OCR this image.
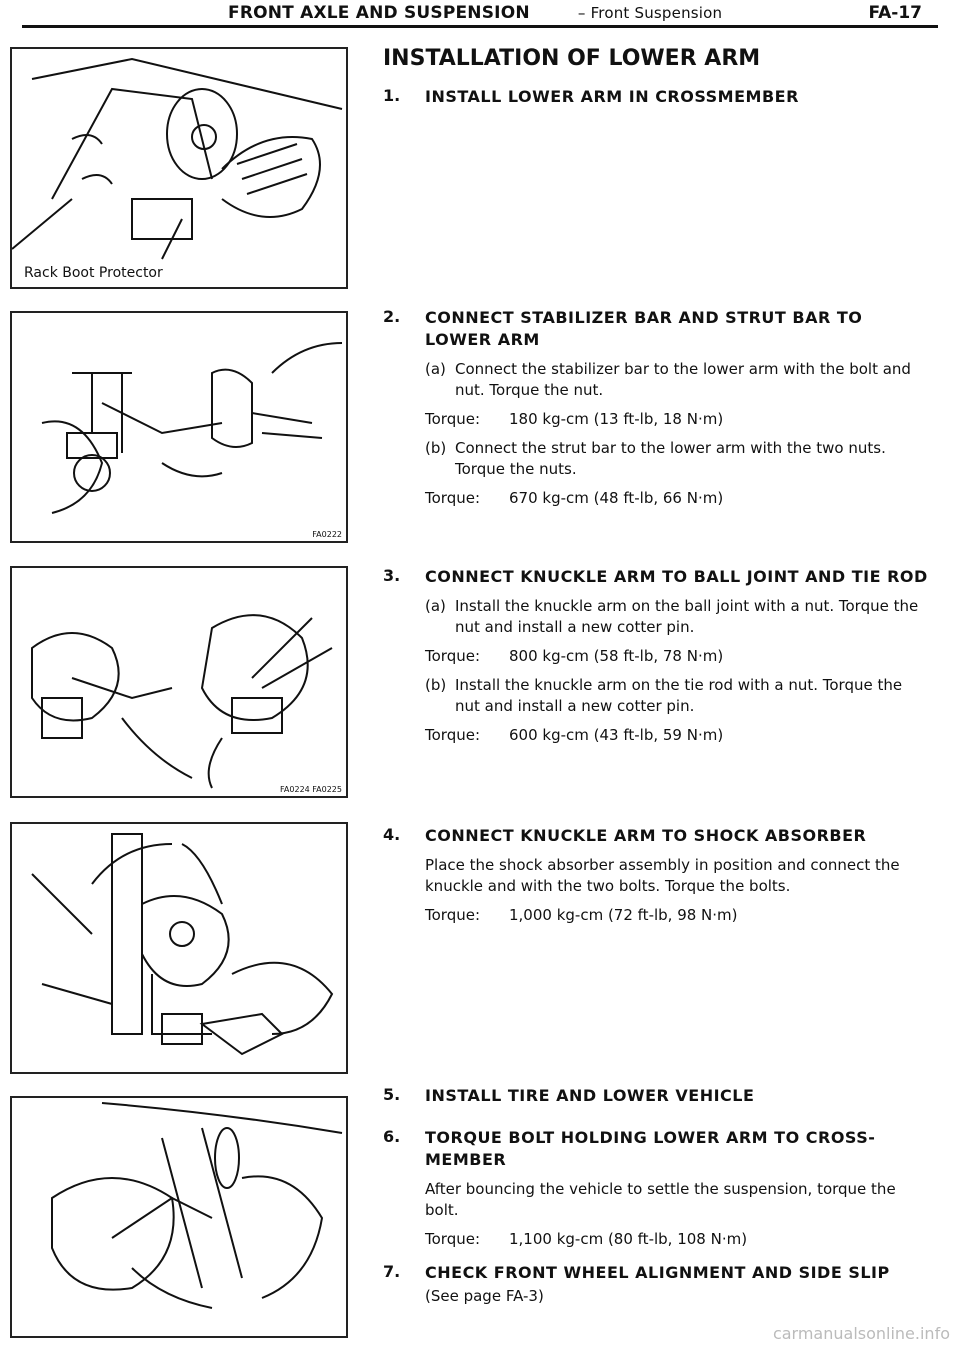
FRONT AXLE AND SUSPENSION	– Front Suspension	FA-17
Rack Boot Protector
FA0222
FA0224 FA0225
INSTALLATION OF LOWER ARM
1. INSTALL LOWER ARM IN CROSSMEMBER
2. CONNECT STABILIZER BAR AND STRUT BAR TO LOWER ARM
(a) Connect the stabilizer bar to the lower arm with the bolt and nut. Torque the nut.
Torque: 180 kg-cm (13 ft-lb, 18 N·m)
(b) Connect the strut bar to the lower arm with the two nuts. Torque the nuts.
Torque: 670 kg-cm (48 ft-lb, 66 N·m)
3. CONNECT KNUCKLE ARM TO BALL JOINT AND TIE ROD
(a) Install the knuckle arm on the ball joint with a nut. Torque the nut and install a new cotter pin.
Torque: 800 kg-cm (58 ft-lb, 78 N·m)
(b) Install the knuckle arm on the tie rod with a nut. Torque the nut and install a new cotter pin.
Torque: 600 kg-cm (43 ft-lb, 59 N·m)
4. CONNECT KNUCKLE ARM TO SHOCK ABSORBER
Place the shock absorber assembly in position and connect the knuckle and with the two bolts. Torque the bolts.
Torque: 1,000 kg-cm (72 ft-lb, 98 N·m)
5. INSTALL TIRE AND LOWER VEHICLE
6. TORQUE BOLT HOLDING LOWER ARM TO CROSS-MEMBER
After bouncing the vehicle to settle the suspension, torque the bolt.
Torque: 1,100 kg-cm (80 ft-lb, 108 N·m)
7. CHECK FRONT WHEEL ALIGNMENT AND SIDE SLIP
(See page FA-3)
carmanualsonline.info
